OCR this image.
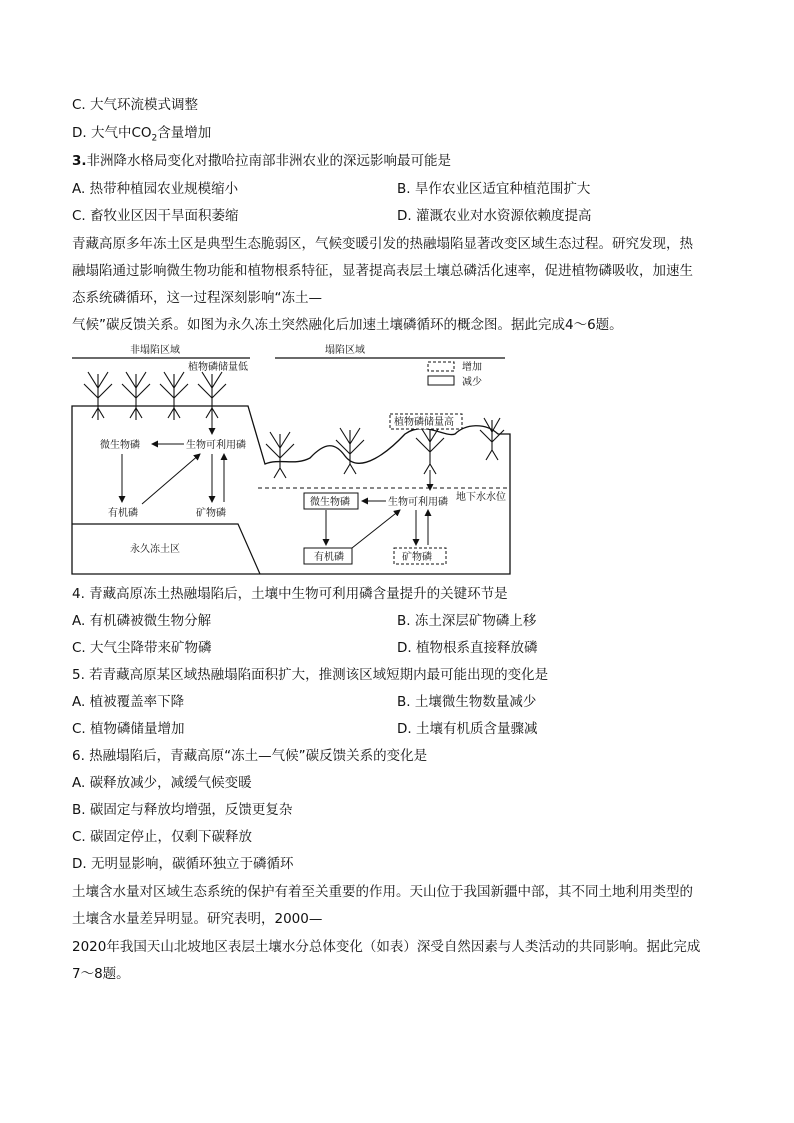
C. 大气环流模式调整
D. 大气中$CO_2$含量增加
3.非洲降水格局变化对撒哈拉南部非洲农业的深远影响最可能是
A. 热带种植园农业规模缩小	B. 旱作农业区适宜种植范围扩大
C. 畜牧业区因干旱面积萎缩	D. 灌溉农业对水资源依赖度提高
青藏高原多年冻土区是典型生态脆弱区，气候变暖引发的热融塌陷显著改变区域生态过程。研究发现，热
融塌陷通过影响微生物功能和植物根系特征，显著提高表层土壤总磷活化速率，促进植物磷吸收，加速生
态系统磷循环，这一过程深刻影响“冻土—
气候”碳反馈关系。如图为永久冻土突然融化后加速土壤磷循环的概念图。据此完成4～6题。
非塌陷区域	塌陷区域
植物磷储量低	增加
减少
地下水水位
植物磷储量高
微生物磷	生物可利用磷
有机磷	矿物磷
永久冻土区
微生物磷	生物可利用磷
有机磷	矿物磷
4. 青藏高原冻土热融塌陷后，土壤中生物可利用磷含量提升的关键环节是
A. 有机磷被微生物分解	B. 冻土深层矿物磷上移
C. 大气尘降带来矿物磷	D. 植物根系直接释放磷
5. 若青藏高原某区域热融塌陷面积扩大，推测该区域短期内最可能出现的变化是
A. 植被覆盖率下降	B. 土壤微生物数量减少
C. 植物磷储量增加	D. 土壤有机质含量骤减
6. 热融塌陷后，青藏高原“冻土—气候”碳反馈关系的变化是
A. 碳释放减少，减缓气候变暖
B. 碳固定与释放均增强，反馈更复杂
C. 碳固定停止，仅剩下碳释放
D. 无明显影响，碳循环独立于磷循环
土壤含水量对区域生态系统的保护有着至关重要的作用。天山位于我国新疆中部，其不同土地利用类型的
土壤含水量差异明显。研究表明，2000—
2020年我国天山北坡地区表层土壤水分总体变化（如表）深受自然因素与人类活动的共同影响。据此完成
7～8题。
